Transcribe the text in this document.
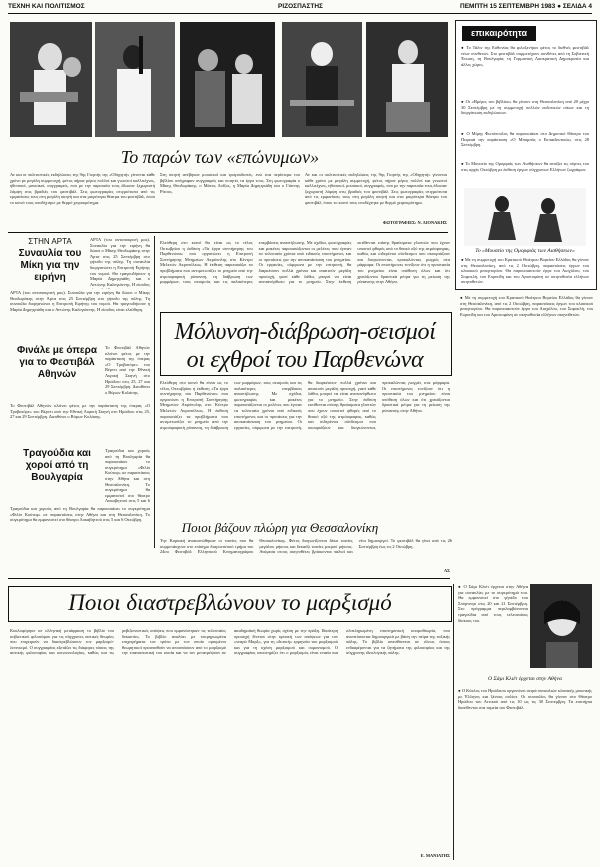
ΤΕΧΝΗ ΚΑΙ ΠΟΛΙΤΙΣΜΟΣ	ΡΙΖΟΣΠΑΣΤΗΣ	ΠΕΜΠΤΗ 15 ΣΕΠΤΕΜΒΡΗ 1983 ● ΣΕΛΙΔΑ 4
Το παρών των «επώνυμων»
Αν και οι πολιτιστικές εκδηλώσεις της 9ης Γιορτής της «Οδηγητή» γίνονται κάθε χρόνο με μεγάλη συμμετοχή, φέτος πήραν μέρος πολλοί και γνωστοί καλλιτέχνες, ηθοποιοί, μουσικοί, συγγραφείς, που με την παρουσία τους έδωσαν ξεχωριστή λάμψη στις βραδιές του φεστιβάλ. Στις φωτογραφίες στιγμιότυπα από τις εμφανίσεις τους στη μεγάλη σκηνή και στα μικρότερα θέατρα του φεστιβάλ, όπου το κοινό τους υποδέχτηκε με θερμό χειροκρότημα.
Στη σκηνή ανέβηκαν μουσικοί και τραγουδιστές, ενώ στα περίπτερα του βιβλίου υπέγραφαν συγγραφείς και ποιητές τα έργα τους. Στη φωτογραφία ο Μίκης Θεοδωράκης, ο Μάνος Λοΐζος, η Μαρία Δημητριάδη και ο Γιάννης Ρίτσος.
Αν και οι πολιτιστικές εκδηλώσεις της 9ης Γιορτής της «Οδηγητή» γίνονται κάθε χρόνο με μεγάλη συμμετοχή, φέτος πήραν μέρος πολλοί και γνωστοί καλλιτέχνες, ηθοποιοί, μουσικοί, συγγραφείς, που με την παρουσία τους έδωσαν ξεχωριστή λάμψη στις βραδιές του φεστιβάλ. Στις φωτογραφίες στιγμιότυπα από τις εμφανίσεις τους στη μεγάλη σκηνή και στα μικρότερα θέατρα του φεστιβάλ, όπου το κοινό τους υποδέχτηκε με θερμό χειροκρότημα.
ΦΩΤΟΓΡΑΦΙΕΣ: Ν. ΛΙΟΝΑΚΗΣ
επικαιρότητα
● Το Τάλιν της Εσθονίας θα φιλοξενήσει φέτος το διεθνές φεστιβάλ νέων συνθετών. Στο φεστιβάλ συμμετέχουν συνθέτες από τη Σοβιετική Ένωση, τη Βουλγαρία, τη Γερμανική Λαοκρατική Δημοκρατία και άλλες χώρες.
● Οι «Ημέρες του βιβλίου» θα γίνουν στη Θεσσαλονίκη από 20 μέχρι 30 Σεπτέμβρη με τη συμμετοχή πολλών εκδοτικών οίκων και τη διοργάνωση εκδηλώσεων.
● Ο Μίμης Φωτόπουλος θα παρουσιάσει στο Δημοτικό Θέατρο του Πειραιά την παράσταση «Ο Μπαμπάς ο Εκπαιδευτικός» στις 28 Σεπτέμβρη.
● Το Μουσείο της Ομορφιάς των Αισθήσεων θα ανοίξει τις πόρτες του στις αρχές Οκτώβρη με έκθεση έργων σύγχρονων Ελλήνων ζωγράφων.
Το «Μουσείο της Ομορφιάς των Αισθήσεων»
● Με τη συμμετοχή του Κρατικού Θεάτρου Βορείου Ελλάδος θα γίνουν στη Θεσσαλονίκη, από τις 2 Οκτώβρη, παραστάσεις έργων του κλασικού ρεπερτορίου. Θα παρουσιαστούν έργα του Αισχύλου, του Σοφοκλή, του Ευριπίδη και του Αριστοφάνη σε σκηνοθεσία ελλήνων σκηνοθετών.
ΣΤΗΝ ΑΡΤΑ
Συναυλία του Μίκη για την ειρήνη
ΑΡΤΑ (του ανταποκριτή μας). Συναυλία για την ειρήνη θα δώσει ο Μίκης Θεοδωράκης στην Άρτα στις 25 Σεπτέμβρη στο γήπεδο της πόλης. Τη συναυλία διοργανώνει η Επιτροπή Ειρήνης του νομού. Θα τραγουδήσουν η Μαρία Δημητριάδη και ο Αντώνης Καλογιάννης. Η είσοδος
ΑΡΤΑ (του ανταποκριτή μας). Συναυλία για την ειρήνη θα δώσει ο Μίκης Θεοδωράκης στην Άρτα στις 25 Σεπτέμβρη στο γήπεδο της πόλης. Τη συναυλία διοργανώνει η Επιτροπή Ειρήνης του νομού. Θα τραγουδήσουν η Μαρία Δημητριάδη και ο Αντώνης Καλογιάννης. Η είσοδος είναι ελεύθερη.
Φινάλε με όπερα για το Φεστιβάλ Αθηνών
Το Φεστιβάλ Αθηνών κλείνει φέτος με την παράσταση της όπερας «Ο Τροβατόρε» του Βέρντι από την Εθνική Λυρική Σκηνή στο Ηρώδειο στις 25, 27 και 29 Σεπτέμβρη. Διευθύνει ο Βύρων Κολάσης.
Το Φεστιβάλ Αθηνών κλείνει φέτος με την παράσταση της όπερας «Ο Τροβατόρε» του Βέρντι από την Εθνική Λυρική Σκηνή στο Ηρώδειο στις 25, 27 και 29 Σεπτέμβρη. Διευθύνει ο Βύρων Κολάσης.
Τραγούδια και χοροί από τη Βουλγαρία
Τραγούδια και χορούς από τη Βουλγαρία θα παρουσιάσει το συγκρότημα «Φιλίπ Κούτεφ» σε παραστάσεις στην Αθήνα και στη Θεσσαλονίκη. Το συγκρότημα θα εμφανιστεί στο θέατρο Λυκαβηττού στις 5 και 6
Τραγούδια και χορούς από τη Βουλγαρία θα παρουσιάσει το συγκρότημα «Φιλίπ Κούτεφ» σε παραστάσεις στην Αθήνα και στη Θεσσαλονίκη. Το συγκρότημα θα εμφανιστεί στο θέατρο Λυκαβηττού στις 5 και 6 Οκτώβρη.
Μόλυνση-διάβρωση-σεισμοί οι εχθροί του Παρθενώνα
Ελεύθερη στο κοινό θα είναι ως το τέλος Οκτωβρίου η έκθεση «Τα έργα συντήρησης του Παρθενώνα» που οργανώνει η Επιτροπή Συντήρησης Μνημείων Ακρόπολης στο Κέντρο Μελετών Ακροπόλεως. Η έκθεση παρουσιάζει τα προβλήματα που αντιμετωπίζει το μνημείο από την ατμοσφαιρική ρύπανση, τη διάβρωση των μαρμάρων, τους σεισμούς και τις παλαιότερες επεμβάσεις αναστήλωσης. Με σχέδια, φωτογραφίες και μακέτες παρουσιάζονται οι μελέτες που έγιναν τα τελευταία χρόνια από ειδικούς επιστήμονες και οι προτάσεις για την αποκατάσταση του μνημείου. Οι εργασίες, σύμφωνα με την επιτροπή, θα διαρκέσουν πολλά χρόνια και απαιτούν μεγάλη προσοχή, γιατί κάθε λάθος μπορεί να είναι ανεπανόρθωτο για το μνημείο. Στην έκθεση εκτίθενται επίσης θραύσματα γλυπτών που έχουν υποστεί φθορές από το θειικό οξύ της ατμόσφαιρας, καθώς και σιδερένιοι σύνδεσμοι που σκουριάζουν και διογκώνονται, προκαλώντας ρωγμές στα μάρμαρα. Οι επιστήμονες τονίζουν ότι η προστασία του μνημείου είναι υπόθεση όλων και ότι χρειάζονται δραστικά μέτρα για τη μείωση της ρύπανσης στην Αθήνα.
Ελεύθερη στο κοινό θα είναι ως το τέλος Οκτωβρίου η έκθεση «Τα έργα συντήρησης του Παρθενώνα» που οργανώνει η Επιτροπή Συντήρησης Μνημείων Ακρόπολης στο Κέντρο Μελετών Ακροπόλεως. Η έκθεση παρουσιάζει τα προβλήματα που αντιμετωπίζει το μνημείο από την ατμοσφαιρική ρύπανση, τη διάβρωση των μαρμάρων, τους σεισμούς και τις παλαιότερες επεμβάσεις αναστήλωσης. Με σχέδια, φωτογραφίες και μακέτες παρουσιάζονται οι μελέτες που έγιναν τα τελευταία χρόνια από ειδικούς επιστήμονες και οι προτάσεις για την αποκατάσταση του μνημείου. Οι εργασίες, σύμφωνα με την επιτροπή, θα διαρκέσουν πολλά χρόνια και απαιτούν μεγάλη προσοχή, γιατί κάθε λάθος μπορεί να είναι ανεπανόρθωτο για το μνημείο. Στην έκθεση εκτίθενται επίσης θραύσματα γλυπτών που έχουν υποστεί φθορές από το θειικό οξύ της ατμόσφαιρας, καθώς και σιδερένιοι σύνδεσμοι που σκουριάζουν και διογκώνονται, προκαλώντας ρωγμές στα μάρμαρα. Οι επιστήμονες τονίζουν ότι η προστασία του μνημείου είναι υπόθεση όλων και ότι χρειάζονται δραστικά μέτρα για τη μείωση της ρύπανσης στην Αθήνα.
Ποιοι βάζουν πλώρη για Θεσσαλονίκη
Την Κυριακή ανακοινώθηκαν οι ταινίες που θα συμμετάσχουν στο επίσημο διαγωνιστικό τμήμα του 24ου Φεστιβάλ Ελληνικού Κινηματογράφου Θεσσαλονίκης. Φέτος διαγωνίζονται δέκα ταινίες μεγάλου μήκους και δεκαέξι ταινίες μικρού μήκους. Ανάμεσα στους σκηνοθέτες βρίσκονται παλιοί και νέοι δημιουργοί. Το φεστιβάλ θα γίνει από τις 26 Σεπτέμβρη έως τις 2 Οκτώβρη.
ΑΣ
● Με τη συμμετοχή του Κρατικού Θεάτρου Βορείου Ελλάδος θα γίνουν στη Θεσσαλονίκη, από τις 2 Οκτώβρη, παραστάσεις έργων του κλασικού ρεπερτορίου. Θα παρουσιαστούν έργα του Αισχύλου, του Σοφοκλή, του Ευριπίδη και του Αριστοφάνη σε σκηνοθεσία ελλήνων σκηνοθετών.
Ποιοι διαστρεβλώνουν το μαρξισμό
Κυκλοφόρησε σε ελληνική μετάφραση το βιβλίο του σοβιετικού φιλοσόφου για τις σύγχρονες αστικές θεωρίες που επιχειρούν να διαστρεβλώσουν τον μαρξισμό-λενινισμό. Ο συγγραφέας εξετάζει τις διάφορες τάσεις της αστικής φιλοσοφίας και κοινωνιολογίας, καθώς και τις ρεβιζιονιστικές απόψεις που εμφανίστηκαν τις τελευταίες δεκαετίες. Το βιβλίο αναλύει με τεκμηριωμένα επιχειρήματα τον τρόπο με τον οποίο ορισμένοι θεωρητικοί προσπαθούν να αποσπάσουν από το μαρξισμό την επαναστατική του ουσία και να τον μετατρέψουν σε ακαδημαϊκή θεωρία χωρίς σχέση με την πράξη. Ιδιαίτερη προσοχή δίνεται στην κριτική των απόψεων για τον «νεαρό Μαρξ», για τη «δυτική» ερμηνεία του μαρξισμού και για τη σχέση μαρξισμού και ουμανισμού. Ο συγγραφέας υποστηρίζει ότι ο μαρξισμός είναι ενιαία και ολοκληρωμένη επιστημονική κοσμοθεωρία, που αναπτύσσεται δημιουργικά με βάση την πείρα της ταξικής πάλης. Το βιβλίο απευθύνεται σε όλους όσους ενδιαφέρονται για τα ζητήματα της φιλοσοφίας και της σύγχρονης ιδεολογικής πάλης.
Ε. ΜΑΝΙΑΤΗΣ
● Ο Σάμι Κλιέτ έρχεται στην Αθήνα για συναυλίες με το συγκρότημά του. Θα εμφανιστεί στο γήπεδο του Σπόρτινγκ στις 20 και 21 Σεπτέμβρη. Στο πρόγραμμα περιλαμβάνονται τραγούδια από τους τελευταίους δίσκους του.
Ο Σάμι Κλιέτ έρχεται στην Αθήνα
● Ο Κύκλος του Ηρώδειου οργανώνει σειρά συναυλιών κλασικής μουσικής με Έλληνες και ξένους σολίστ. Οι συναυλίες θα γίνουν στο Θέατρο Ηρώδου του Αττικού από τις 10 ως τις 30 Σεπτέμβρη. Τα εισιτήρια διατίθενται στα ταμεία του Φεστιβάλ.
